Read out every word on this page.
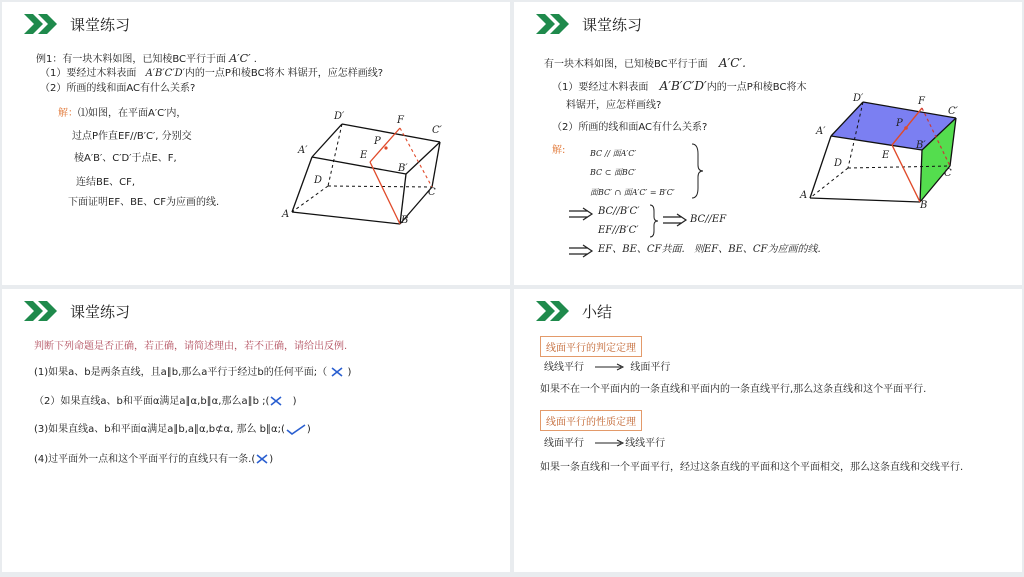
课堂练习
例1：有一块木料如图，已知棱BC平行于面 A′C′ .
（1）要经过木料表面 A′B′C′D′内的一点P和棱BC将木 料锯开，应怎样画线?
（2）所画的线和面AC有什么关系?
解：⑴如图，在平面A′C′内，
过点P作直EF//B′C′, 分别交
棱A′B′、C′D′于点E、F,
连结BE、CF,
下面证明EF、BE、CF为应画的线.
D′	F
C′
A′
P
E
B′
D
C
A
B
课堂练习
有一块木料如图，已知棱BC平行于面 A′C′.
（1）要经过木料表面 A′B′C′D′内的一点P和棱BC将木
料锯开，应怎样画线?
（2）所画的线和面AC有什么关系?
解:	BC // 面A′C′
BC ⊂ 面BC′
面BC′ ∩ 面A′C′ = B′C′
BC//B′C′
EF//B′C′
BC//EF
EF、BE、CF共面. 则EF、BE、CF为应画的线.
D′	F
C′
A′
P
E
B′
D
C
A
B
课堂练习
判断下列命题是否正确，若正确，请简述理由，若不正确，请给出反例.
(1)如果a、b是两条直线，且a∥b,那么a平行于经过b的任何平面;（ )
（2）如果直线a、b和平面α满足a∥α,b∥α,那么a∥b ;( )
(3)如果直线a、b和平面α满足a∥b,a∥α,b⊄α, 那么 b∥α;( )
(4)过平面外一点和这个平面平行的直线只有一条.( )
小结
线面平行的判定定理
线线平行	线面平行
如果不在一个平面内的一条直线和平面内的一条直线平行,那么这条直线和这个平面平行.
线面平行的性质定理
线面平行	线线平行
如果一条直线和一个平面平行，经过这条直线的平面和这个平面相交，那么这条直线和交线平行.
